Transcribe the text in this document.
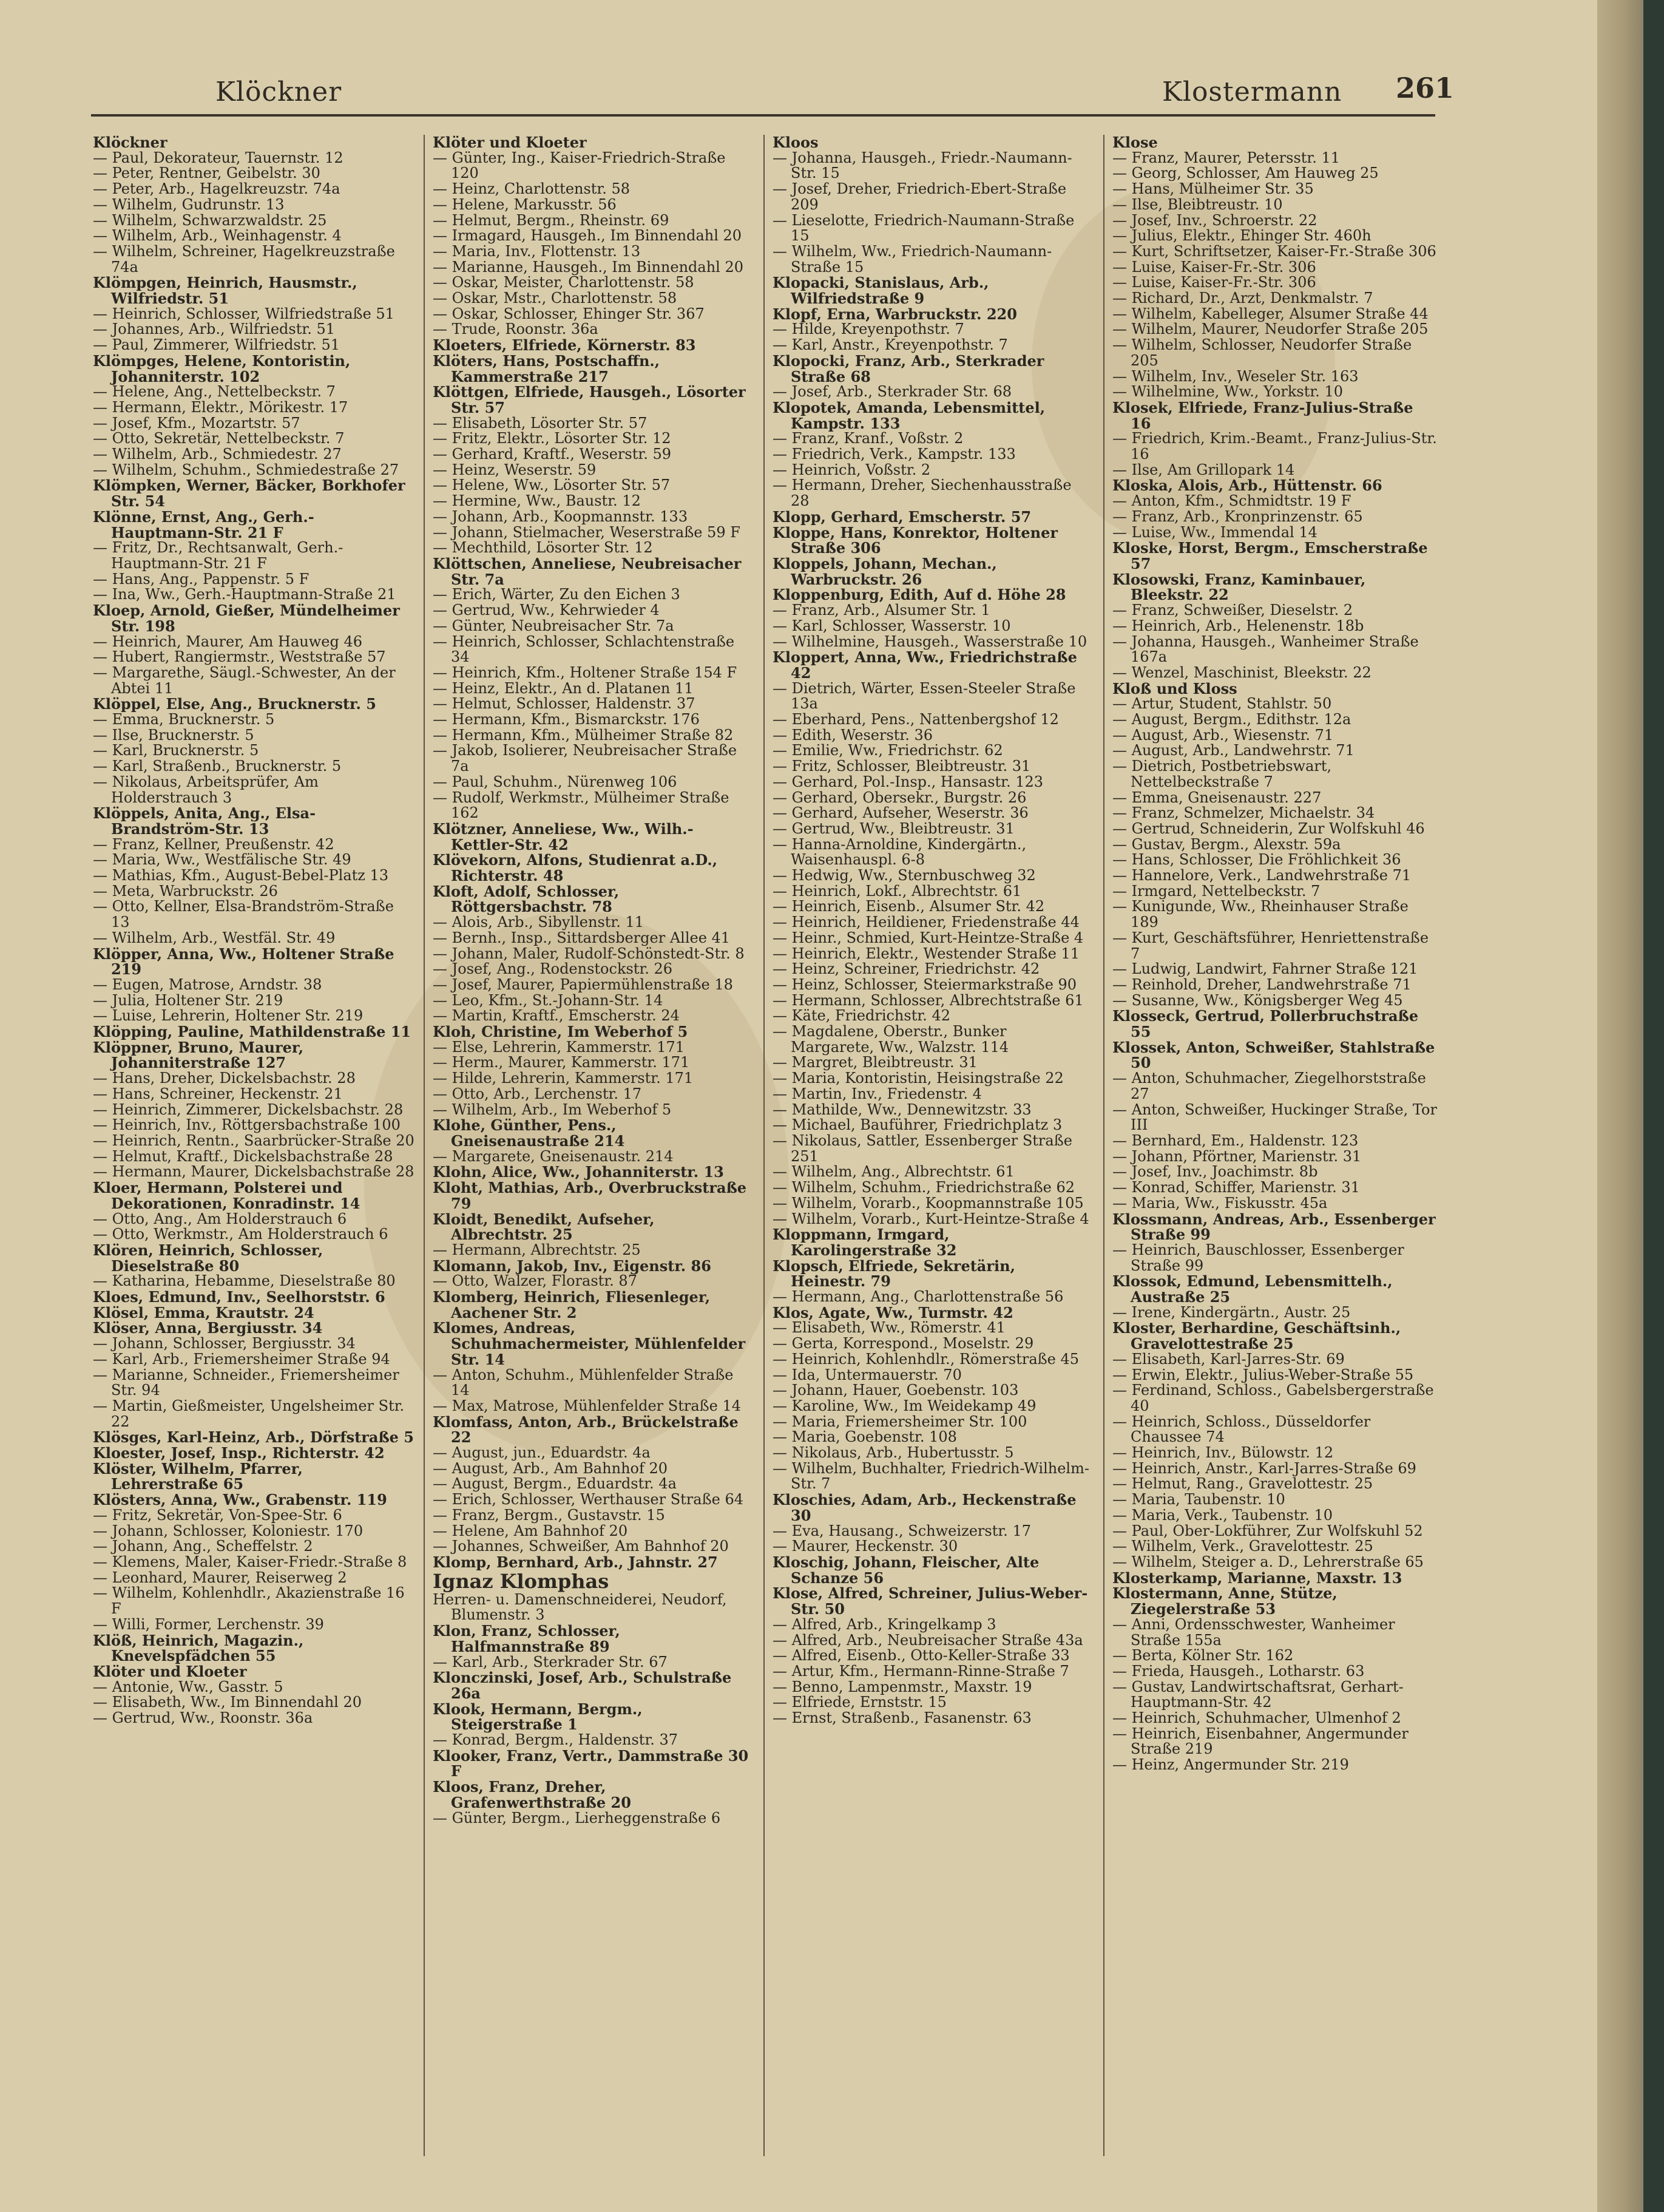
Klöckner	Klostermann 261

Klöckner

— Paul, Dekorateur, Tauernstr. 12

— Peter, Rentner, Geibelstr. 30

— Peter, Arb., Hagelkreuzstr. 74a

— Wilhelm, Gudrunstr. 13

— Wilhelm, Schwarzwaldstr. 25

— Wilhelm, Arb., Weinhagenstr. 4

— Wilhelm, Schreiner, Hagelkreuzstraße 74a

Klömpgen, Heinrich, Hausmstr., Wilfriedstr. 51

— Heinrich, Schlosser, Wilfriedstraße 51

— Johannes, Arb., Wilfriedstr. 51

— Paul, Zimmerer, Wilfriedstr. 51

Klömpges, Helene, Kontoristin, Johanniterstr. 102

— Helene, Ang., Nettelbeckstr. 7

— Hermann, Elektr., Mörikestr. 17

— Josef, Kfm., Mozartstr. 57

— Otto, Sekretär, Nettelbeckstr. 7

— Wilhelm, Arb., Schmiedestr. 27

— Wilhelm, Schuhm., Schmiedestraße 27

Klömpken, Werner, Bäcker, Borkhofer Str. 54

Klönne, Ernst, Ang., Gerh.-Hauptmann-Str. 21 F

— Fritz, Dr., Rechtsanwalt, Gerh.-Hauptmann-Str. 21 F

— Hans, Ang., Pappenstr. 5 F

— Ina, Ww., Gerh.-Hauptmann-Straße 21

Kloep, Arnold, Gießer, Mündelheimer Str. 198

— Heinrich, Maurer, Am Hauweg 46

— Hubert, Rangiermstr., Weststraße 57

— Margarethe, Säugl.-Schwester, An der Abtei 11

Klöppel, Else, Ang., Brucknerstr. 5

— Emma, Brucknerstr. 5

— Ilse, Brucknerstr. 5

— Karl, Brucknerstr. 5

— Karl, Straßenb., Brucknerstr. 5

— Nikolaus, Arbeitsprüfer, Am Holderstrauch 3

Klöppels, Anita, Ang., Elsa-Brandström-Str. 13

— Franz, Kellner, Preußenstr. 42

— Maria, Ww., Westfälische Str. 49

— Mathias, Kfm., August-Bebel-Platz 13

— Meta, Warbruckstr. 26

— Otto, Kellner, Elsa-Brandström-Straße 13

— Wilhelm, Arb., Westfäl. Str. 49

Klöpper, Anna, Ww., Holtener Straße 219

— Eugen, Matrose, Arndstr. 38

— Julia, Holtener Str. 219

— Luise, Lehrerin, Holtener Str. 219

Klöpping, Pauline, Mathildenstraße 11

Klöppner, Bruno, Maurer, Johanniterstraße 127

— Hans, Dreher, Dickelsbachstr. 28

— Hans, Schreiner, Heckenstr. 21

— Heinrich, Zimmerer, Dickelsbachstr. 28

— Heinrich, Inv., Röttgersbachstraße 100

— Heinrich, Rentn., Saarbrücker-Straße 20

— Helmut, Kraftf., Dickelsbachstraße 28

— Hermann, Maurer, Dickelsbachstraße 28

Kloer, Hermann, Polsterei und Dekorationen, Konradinstr. 14

— Otto, Ang., Am Holderstrauch 6

— Otto, Werkmstr., Am Holderstrauch 6

Klören, Heinrich, Schlosser, Dieselstraße 80

— Katharina, Hebamme, Dieselstraße 80

Kloes, Edmund, Inv., Seelhorststr. 6

Klösel, Emma, Krautstr. 24

Klöser, Anna, Bergiusstr. 34

— Johann, Schlosser, Bergiusstr. 34

— Karl, Arb., Friemersheimer Straße 94

— Marianne, Schneider., Friemersheimer Str. 94

— Martin, Gießmeister, Ungelsheimer Str. 22

Klösges, Karl-Heinz, Arb., Dörfstraße 5

Kloester, Josef, Insp., Richterstr. 42

Klöster, Wilhelm, Pfarrer, Lehrerstraße 65

Klösters, Anna, Ww., Grabenstr. 119

— Fritz, Sekretär, Von-Spee-Str. 6

— Johann, Schlosser, Koloniestr. 170

— Johann, Ang., Scheffelstr. 2

— Klemens, Maler, Kaiser-Friedr.-Straße 8

— Leonhard, Maurer, Reiserweg 2

— Wilhelm, Kohlenhdlr., Akazienstraße 16 F

— Willi, Former, Lerchenstr. 39

Klöß, Heinrich, Magazin., Knevelspfädchen 55

Klöter und Kloeter

— Antonie, Ww., Gasstr. 5

— Elisabeth, Ww., Im Binnendahl 20

— Gertrud, Ww., Roonstr. 36a

Klöter und Kloeter

— Günter, Ing., Kaiser-Friedrich-Straße 120

— Heinz, Charlottenstr. 58

— Helene, Markusstr. 56

— Helmut, Bergm., Rheinstr. 69

— Irmagard, Hausgeh., Im Binnendahl 20

— Maria, Inv., Flottenstr. 13

— Marianne, Hausgeh., Im Binnendahl 20

— Oskar, Meister, Charlottenstr. 58

— Oskar, Mstr., Charlottenstr. 58

— Oskar, Schlosser, Ehinger Str. 367

— Trude, Roonstr. 36a

Kloeters, Elfriede, Körnerstr. 83

Klöters, Hans, Postschaffn., Kammerstraße 217

Klöttgen, Elfriede, Hausgeh., Lösorter Str. 57

— Elisabeth, Lösorter Str. 57

— Fritz, Elektr., Lösorter Str. 12

— Gerhard, Kraftf., Weserstr. 59

— Heinz, Weserstr. 59

— Helene, Ww., Lösorter Str. 57

— Hermine, Ww., Baustr. 12

— Johann, Arb., Koopmannstr. 133

— Johann, Stielmacher, Weserstraße 59 F

— Mechthild, Lösorter Str. 12

Klöttschen, Anneliese, Neubreisacher Str. 7a

— Erich, Wärter, Zu den Eichen 3

— Gertrud, Ww., Kehrwieder 4

— Günter, Neubreisacher Str. 7a

— Heinrich, Schlosser, Schlachtenstraße 34

— Heinrich, Kfm., Holtener Straße 154 F

— Heinz, Elektr., An d. Platanen 11

— Helmut, Schlosser, Haldenstr. 37

— Hermann, Kfm., Bismarckstr. 176

— Hermann, Kfm., Mülheimer Straße 82

— Jakob, Isolierer, Neubreisacher Straße 7a

— Paul, Schuhm., Nürenweg 106

— Rudolf, Werkmstr., Mülheimer Straße 162

Klötzner, Anneliese, Ww., Wilh.-Kettler-Str. 42

Klövekorn, Alfons, Studienrat a.D., Richterstr. 48

Kloft, Adolf, Schlosser, Röttgersbachstr. 78

— Alois, Arb., Sibyllenstr. 11

— Bernh., Insp., Sittardsberger Allee 41

— Johann, Maler, Rudolf-Schönstedt-Str. 8

— Josef, Ang., Rodenstockstr. 26

— Josef, Maurer, Papiermühlenstraße 18

— Leo, Kfm., St.-Johann-Str. 14

— Martin, Kraftf., Emscherstr. 24

Kloh, Christine, Im Weberhof 5

— Else, Lehrerin, Kammerstr. 171

— Herm., Maurer, Kammerstr. 171

— Hilde, Lehrerin, Kammerstr. 171

— Otto, Arb., Lerchenstr. 17

— Wilhelm, Arb., Im Weberhof 5

Klohe, Günther, Pens., Gneisenaustraße 214

— Margarete, Gneisenaustr. 214

Klohn, Alice, Ww., Johanniterstr. 13

Kloht, Mathias, Arb., Overbruckstraße 79

Kloidt, Benedikt, Aufseher, Albrechtstr. 25

— Hermann, Albrechtstr. 25

Klomann, Jakob, Inv., Eigenstr. 86

— Otto, Walzer, Florastr. 87

Klomberg, Heinrich, Fliesenleger, Aachener Str. 2

Klomes, Andreas, Schuhmachermeister, Mühlenfelder Str. 14

— Anton, Schuhm., Mühlenfelder Straße 14

— Max, Matrose, Mühlenfelder Straße 14

Klomfass, Anton, Arb., Brückelstraße 22

— August, jun., Eduardstr. 4a

— August, Arb., Am Bahnhof 20

— August, Bergm., Eduardstr. 4a

— Erich, Schlosser, Werthauser Straße 64

— Franz, Bergm., Gustavstr. 15

— Helene, Am Bahnhof 20

— Johannes, Schweißer, Am Bahnhof 20

Klomp, Bernhard, Arb., Jahnstr. 27

Ignaz Klomphas

Herren- u. Damenschneiderei, Neudorf, Blumenstr. 3

Klon, Franz, Schlosser, Halfmannstraße 89

— Karl, Arb., Sterkrader Str. 67

Klonczinski, Josef, Arb., Schulstraße 26a

Klook, Hermann, Bergm., Steigerstraße 1

— Konrad, Bergm., Haldenstr. 37

Klooker, Franz, Vertr., Dammstraße 30 F

Kloos, Franz, Dreher, Grafenwerthstraße 20

— Günter, Bergm., Lierheggenstraße 6

Kloos

— Johanna, Hausgeh., Friedr.-Naumann-Str. 15

— Josef, Dreher, Friedrich-Ebert-Straße 209

— Lieselotte, Friedrich-Naumann-Straße 15

— Wilhelm, Ww., Friedrich-Naumann-Straße 15

Klopacki, Stanislaus, Arb., Wilfriedstraße 9

Klopf, Erna, Warbruckstr. 220

— Hilde, Kreyenpothstr. 7

— Karl, Anstr., Kreyenpothstr. 7

Klopocki, Franz, Arb., Sterkrader Straße 68

— Josef, Arb., Sterkrader Str. 68

Klopotek, Amanda, Lebensmittel, Kampstr. 133

— Franz, Kranf., Voßstr. 2

— Friedrich, Verk., Kampstr. 133

— Heinrich, Voßstr. 2

— Hermann, Dreher, Siechenhausstraße 28

Klopp, Gerhard, Emscherstr. 57

Kloppe, Hans, Konrektor, Holtener Straße 306

Kloppels, Johann, Mechan., Warbruckstr. 26

Kloppenburg, Edith, Auf d. Höhe 28

— Franz, Arb., Alsumer Str. 1

— Karl, Schlosser, Wasserstr. 10

— Wilhelmine, Hausgeh., Wasserstraße 10

Kloppert, Anna, Ww., Friedrichstraße 42

— Dietrich, Wärter, Essen-Steeler Straße 13a

— Eberhard, Pens., Nattenbergshof 12

— Edith, Weserstr. 36

— Emilie, Ww., Friedrichstr. 62

— Fritz, Schlosser, Bleibtreustr. 31

— Gerhard, Pol.-Insp., Hansastr. 123

— Gerhard, Obersekr., Burgstr. 26

— Gerhard, Aufseher, Weserstr. 36

— Gertrud, Ww., Bleibtreustr. 31

— Hanna-Arnoldine, Kindergärtn., Waisenhauspl. 6-8

— Hedwig, Ww., Sternbuschweg 32

— Heinrich, Lokf., Albrechtstr. 61

— Heinrich, Eisenb., Alsumer Str. 42

— Heinrich, Heildiener, Friedenstraße 44

— Heinr., Schmied, Kurt-Heintze-Straße 4

— Heinrich, Elektr., Westender Straße 11

— Heinz, Schreiner, Friedrichstr. 42

— Heinz, Schlosser, Steiermarkstraße 90

— Hermann, Schlosser, Albrechtstraße 61

— Käte, Friedrichstr. 42

— Magdalene, Oberstr., Bunker Margarete, Ww., Walzstr. 114

— Margret, Bleibtreustr. 31

— Maria, Kontoristin, Heisingstraße 22

— Martin, Inv., Friedenstr. 4

— Mathilde, Ww., Dennewitzstr. 33

— Michael, Bauführer, Friedrichplatz 3

— Nikolaus, Sattler, Essenberger Straße 251

— Wilhelm, Ang., Albrechtstr. 61

— Wilhelm, Schuhm., Friedrichstraße 62

— Wilhelm, Vorarb., Koopmannstraße 105

— Wilhelm, Vorarb., Kurt-Heintze-Straße 4

Kloppmann, Irmgard, Karolingerstraße 32

Klopsch, Elfriede, Sekretärin, Heinestr. 79

— Hermann, Ang., Charlottenstraße 56

Klos, Agate, Ww., Turmstr. 42

— Elisabeth, Ww., Römerstr. 41

— Gerta, Korrespond., Moselstr. 29

— Heinrich, Kohlenhdlr., Römerstraße 45

— Ida, Untermauerstr. 70

— Johann, Hauer, Goebenstr. 103

— Karoline, Ww., Im Weidekamp 49

— Maria, Friemersheimer Str. 100

— Maria, Goebenstr. 108

— Nikolaus, Arb., Hubertusstr. 5

— Wilhelm, Buchhalter, Friedrich-Wilhelm-Str. 7

Kloschies, Adam, Arb., Heckenstraße 30

— Eva, Hausang., Schweizerstr. 17

— Maurer, Heckenstr. 30

Kloschig, Johann, Fleischer, Alte Schanze 56

Klose, Alfred, Schreiner, Julius-Weber-Str. 50

— Alfred, Arb., Kringelkamp 3

— Alfred, Arb., Neubreisacher Straße 43a

— Alfred, Eisenb., Otto-Keller-Straße 33

— Artur, Kfm., Hermann-Rinne-Straße 7

— Benno, Lampenmstr., Maxstr. 19

— Elfriede, Ernststr. 15

— Ernst, Straßenb., Fasanenstr. 63

Klose

— Franz, Maurer, Petersstr. 11

— Georg, Schlosser, Am Hauweg 25

— Hans, Mülheimer Str. 35

— Ilse, Bleibtreustr. 10

— Josef, Inv., Schroerstr. 22

— Julius, Elektr., Ehinger Str. 460h

— Kurt, Schriftsetzer, Kaiser-Fr.-Straße 306

— Luise, Kaiser-Fr.-Str. 306

— Luise, Kaiser-Fr.-Str. 306

— Richard, Dr., Arzt, Denkmalstr. 7

— Wilhelm, Kabelleger, Alsumer Straße 44

— Wilhelm, Maurer, Neudorfer Straße 205

— Wilhelm, Schlosser, Neudorfer Straße 205

— Wilhelm, Inv., Weseler Str. 163

— Wilhelmine, Ww., Yorkstr. 10

Klosek, Elfriede, Franz-Julius-Straße 16

— Friedrich, Krim.-Beamt., Franz-Julius-Str. 16

— Ilse, Am Grillopark 14

Kloska, Alois, Arb., Hüttenstr. 66

— Anton, Kfm., Schmidtstr. 19 F

— Franz, Arb., Kronprinzenstr. 65

— Luise, Ww., Immendal 14

Kloske, Horst, Bergm., Emscherstraße 57

Klosowski, Franz, Kaminbauer, Bleekstr. 22

— Franz, Schweißer, Dieselstr. 2

— Heinrich, Arb., Helenenstr. 18b

— Johanna, Hausgeh., Wanheimer Straße 167a

— Wenzel, Maschinist, Bleekstr. 22

Kloß und Kloss

— Artur, Student, Stahlstr. 50

— August, Bergm., Edithstr. 12a

— August, Arb., Wiesenstr. 71

— August, Arb., Landwehrstr. 71

— Dietrich, Postbetriebswart, Nettelbeckstraße 7

— Emma, Gneisenaustr. 227

— Franz, Schmelzer, Michaelstr. 34

— Gertrud, Schneiderin, Zur Wolfskuhl 46

— Gustav, Bergm., Alexstr. 59a

— Hans, Schlosser, Die Fröhlichkeit 36

— Hannelore, Verk., Landwehrstraße 71

— Irmgard, Nettelbeckstr. 7

— Kunigunde, Ww., Rheinhauser Straße 189

— Kurt, Geschäftsführer, Henriettenstraße 7

— Ludwig, Landwirt, Fahrner Straße 121

— Reinhold, Dreher, Landwehrstraße 71

— Susanne, Ww., Königsberger Weg 45

Klosseck, Gertrud, Pollerbruchstraße 55

Klossek, Anton, Schweißer, Stahlstraße 50

— Anton, Schuhmacher, Ziegelhorststraße 27

— Anton, Schweißer, Huckinger Straße, Tor III

— Bernhard, Em., Haldenstr. 123

— Johann, Pförtner, Marienstr. 31

— Josef, Inv., Joachimstr. 8b

— Konrad, Schiffer, Marienstr. 31

— Maria, Ww., Fiskusstr. 45a

Klossmann, Andreas, Arb., Essenberger Straße 99

— Heinrich, Bauschlosser, Essenberger Straße 99

Klossok, Edmund, Lebensmittelh., Austraße 25

— Irene, Kindergärtn., Austr. 25

Kloster, Berhardine, Geschäftsinh., Gravelottestraße 25

— Elisabeth, Karl-Jarres-Str. 69

— Erwin, Elektr., Julius-Weber-Straße 55

— Ferdinand, Schloss., Gabelsbergerstraße 40

— Heinrich, Schloss., Düsseldorfer Chaussee 74

— Heinrich, Inv., Bülowstr. 12

— Heinrich, Anstr., Karl-Jarres-Straße 69

— Helmut, Rang., Gravelottestr. 25

— Maria, Taubenstr. 10

— Maria, Verk., Taubenstr. 10

— Paul, Ober-Lokführer, Zur Wolfskuhl 52

— Wilhelm, Verk., Gravelottestr. 25

— Wilhelm, Steiger a. D., Lehrerstraße 65

Klosterkamp, Marianne, Maxstr. 13

Klostermann, Anne, Stütze, Ziegelerstraße 53

— Anni, Ordensschwester, Wanheimer Straße 155a

— Berta, Kölner Str. 162

— Frieda, Hausgeh., Lotharstr. 63

— Gustav, Landwirtschaftsrat, Gerhart-Hauptmann-Str. 42

— Heinrich, Schuhmacher, Ulmenhof 2

— Heinrich, Eisenbahner, Angermunder Straße 219

— Heinz, Angermunder Str. 219
